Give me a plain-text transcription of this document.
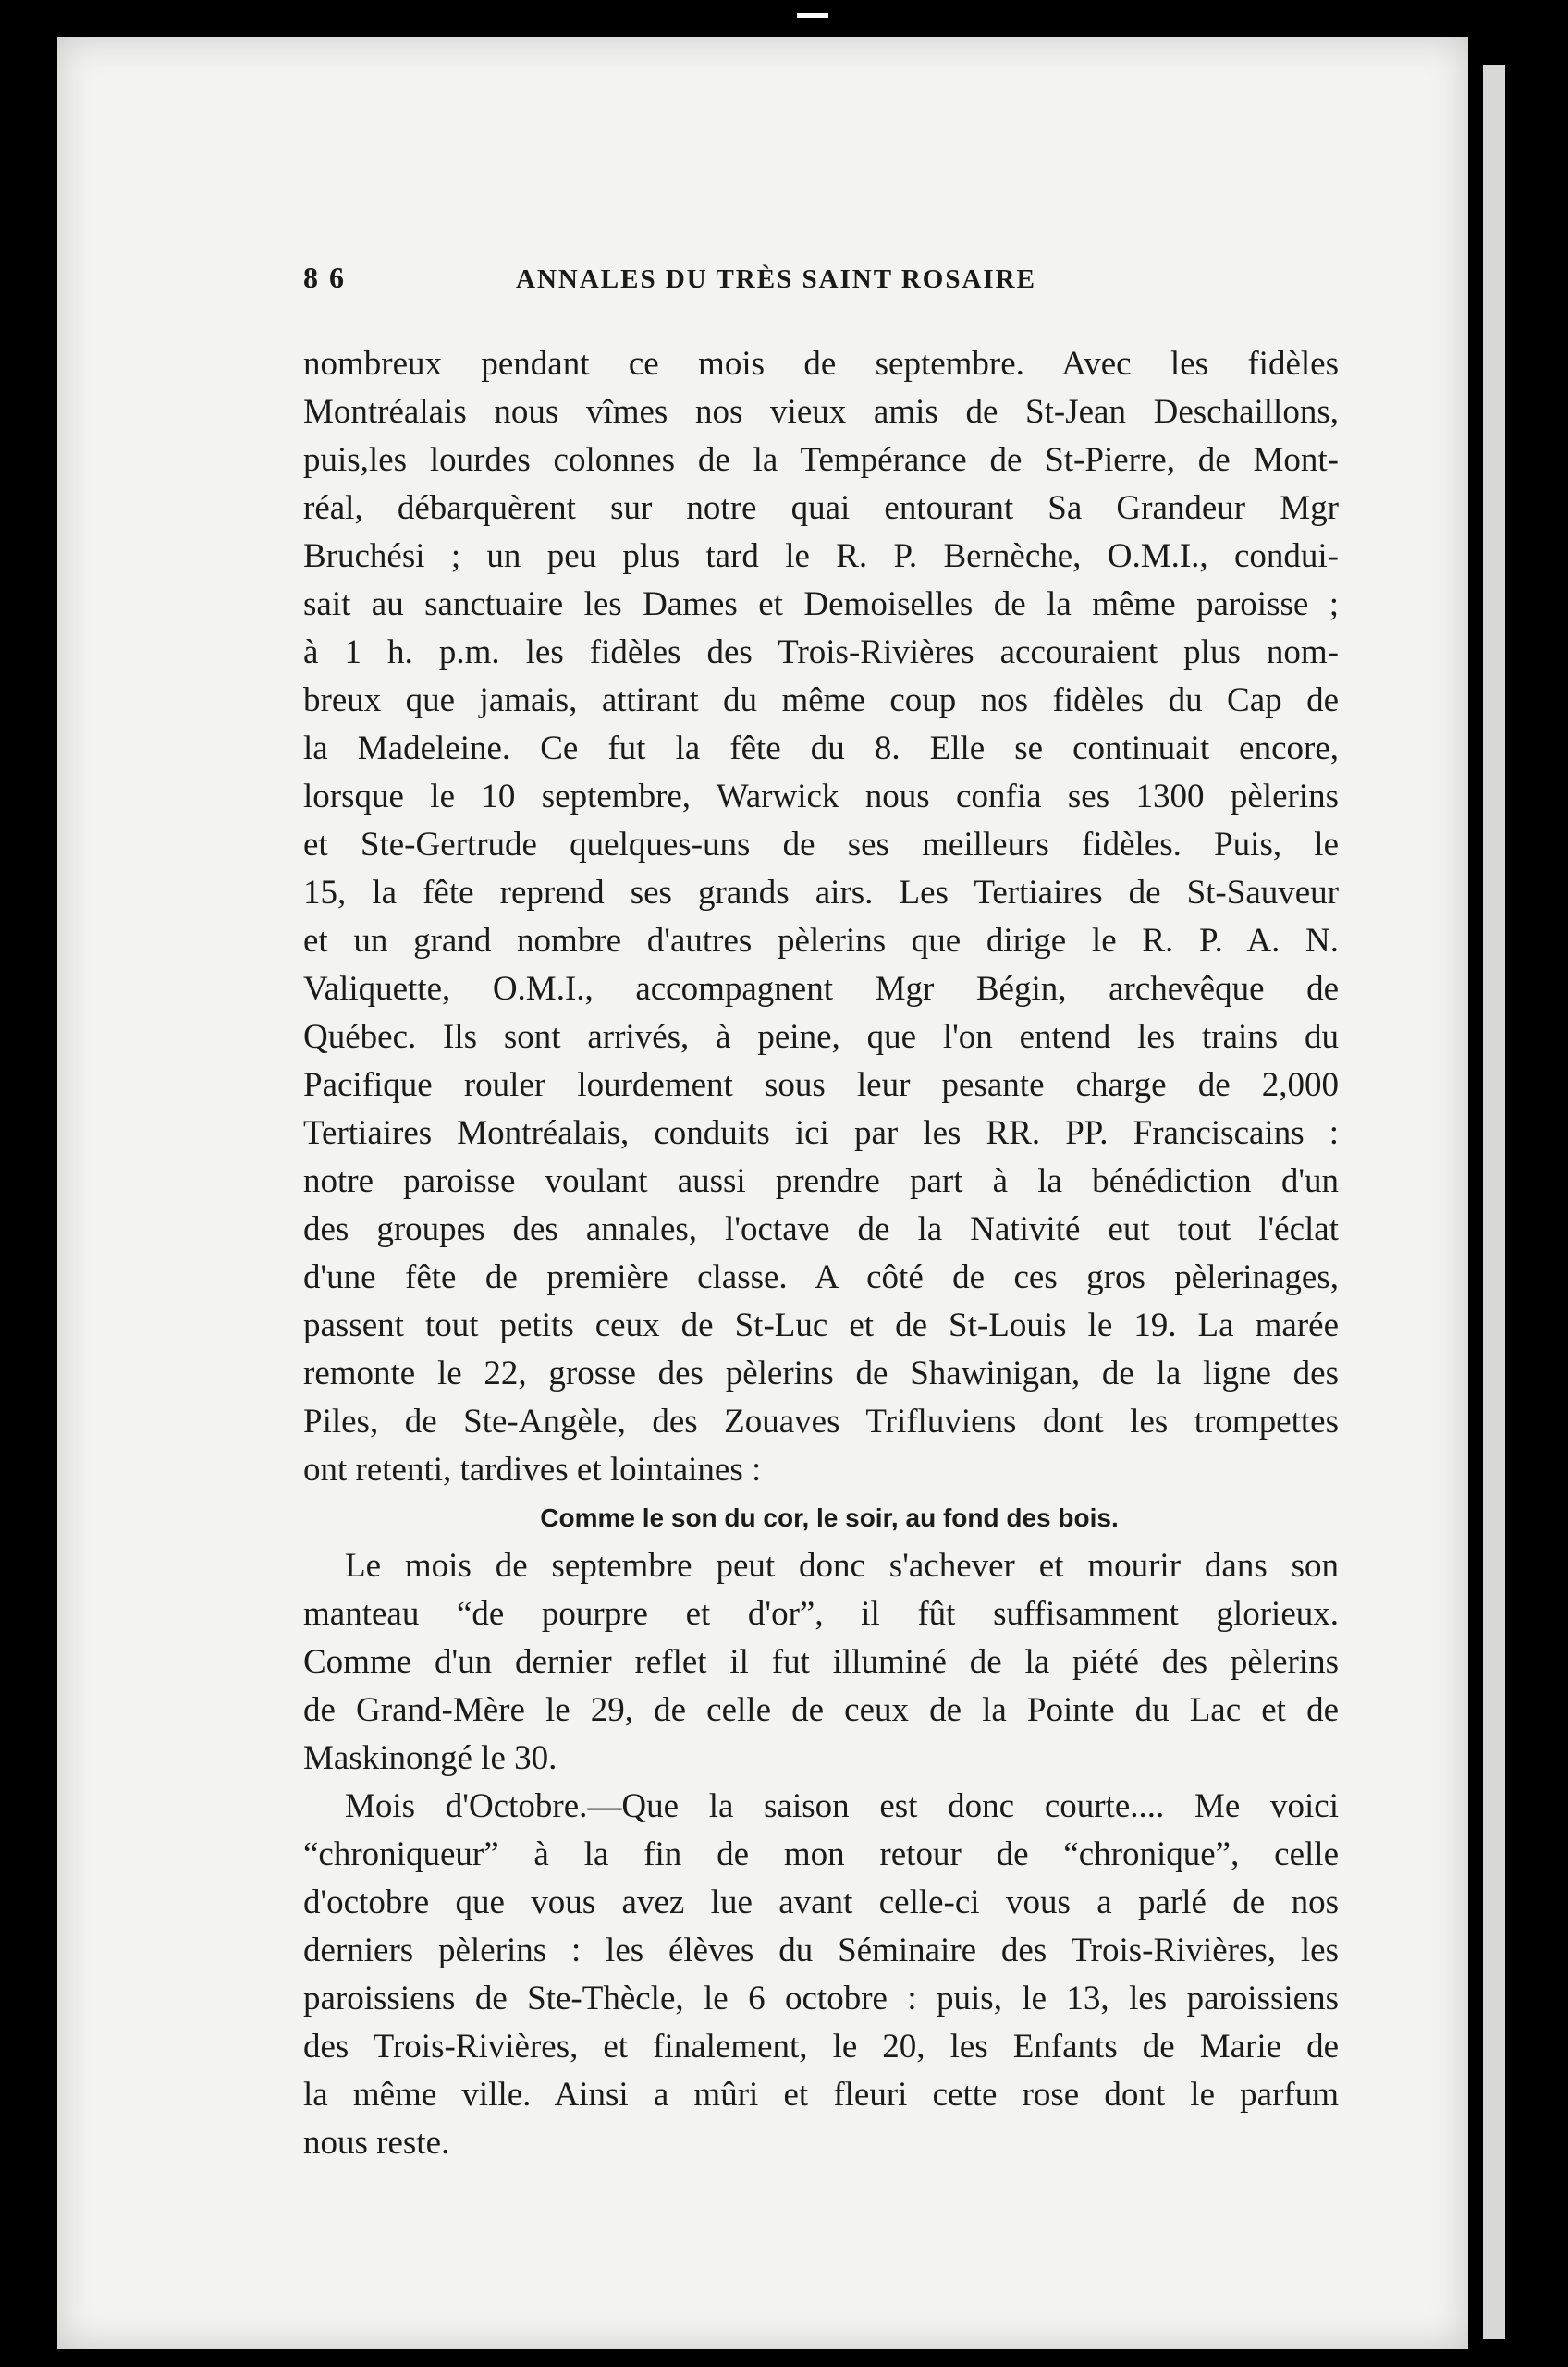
8 6	ANNALES DU TRÈS SAINT ROSAIRE
nombreux pendant ce mois de septembre. Avec les fidèles
Montréalais nous vîmes nos vieux amis de St-Jean Deschaillons,
puis,les lourdes colonnes de la Tempérance de St-Pierre, de Mont-
réal, débarquèrent sur notre quai entourant Sa Grandeur Mgr
Bruchési ; un peu plus tard le R. P. Bernèche, O.M.I., condui-
sait au sanctuaire les Dames et Demoiselles de la même paroisse ;
à 1 h. p.m. les fidèles des Trois-Rivières accouraient plus nom-
breux que jamais, attirant du même coup nos fidèles du Cap de
la Madeleine. Ce fut la fête du 8. Elle se continuait encore,
lorsque le 10 septembre, Warwick nous confia ses 1300 pèlerins
et Ste-Gertrude quelques-uns de ses meilleurs fidèles. Puis, le
15, la fête reprend ses grands airs. Les Tertiaires de St-Sauveur
et un grand nombre d'autres pèlerins que dirige le R. P. A. N.
Valiquette, O.M.I., accompagnent Mgr Bégin, archevêque de
Québec. Ils sont arrivés, à peine, que l'on entend les trains du
Pacifique rouler lourdement sous leur pesante charge de 2,000
Tertiaires Montréalais, conduits ici par les RR. PP. Franciscains :
notre paroisse voulant aussi prendre part à la bénédiction d'un
des groupes des annales, l'octave de la Nativité eut tout l'éclat
d'une fête de première classe. A côté de ces gros pèlerinages,
passent tout petits ceux de St-Luc et de St-Louis le 19. La marée
remonte le 22, grosse des pèlerins de Shawinigan, de la ligne des
Piles, de Ste-Angèle, des Zouaves Trifluviens dont les trompettes
ont retenti, tardives et lointaines :
Comme le son du cor, le soir, au fond des bois.
Le mois de septembre peut donc s'achever et mourir dans son
manteau “de pourpre et d'or”, il fût suffisamment glorieux.
Comme d'un dernier reflet il fut illuminé de la piété des pèlerins
de Grand-Mère le 29, de celle de ceux de la Pointe du Lac et de
Maskinongé le 30.
Mois d'Octobre.—Que la saison est donc courte.... Me voici
“chroniqueur” à la fin de mon retour de “chronique”, celle
d'octobre que vous avez lue avant celle-ci vous a parlé de nos
derniers pèlerins : les élèves du Séminaire des Trois-Rivières, les
paroissiens de Ste-Thècle, le 6 octobre : puis, le 13, les paroissiens
des Trois-Rivières, et finalement, le 20, les Enfants de Marie de
la même ville. Ainsi a mûri et fleuri cette rose dont le parfum
nous reste.
